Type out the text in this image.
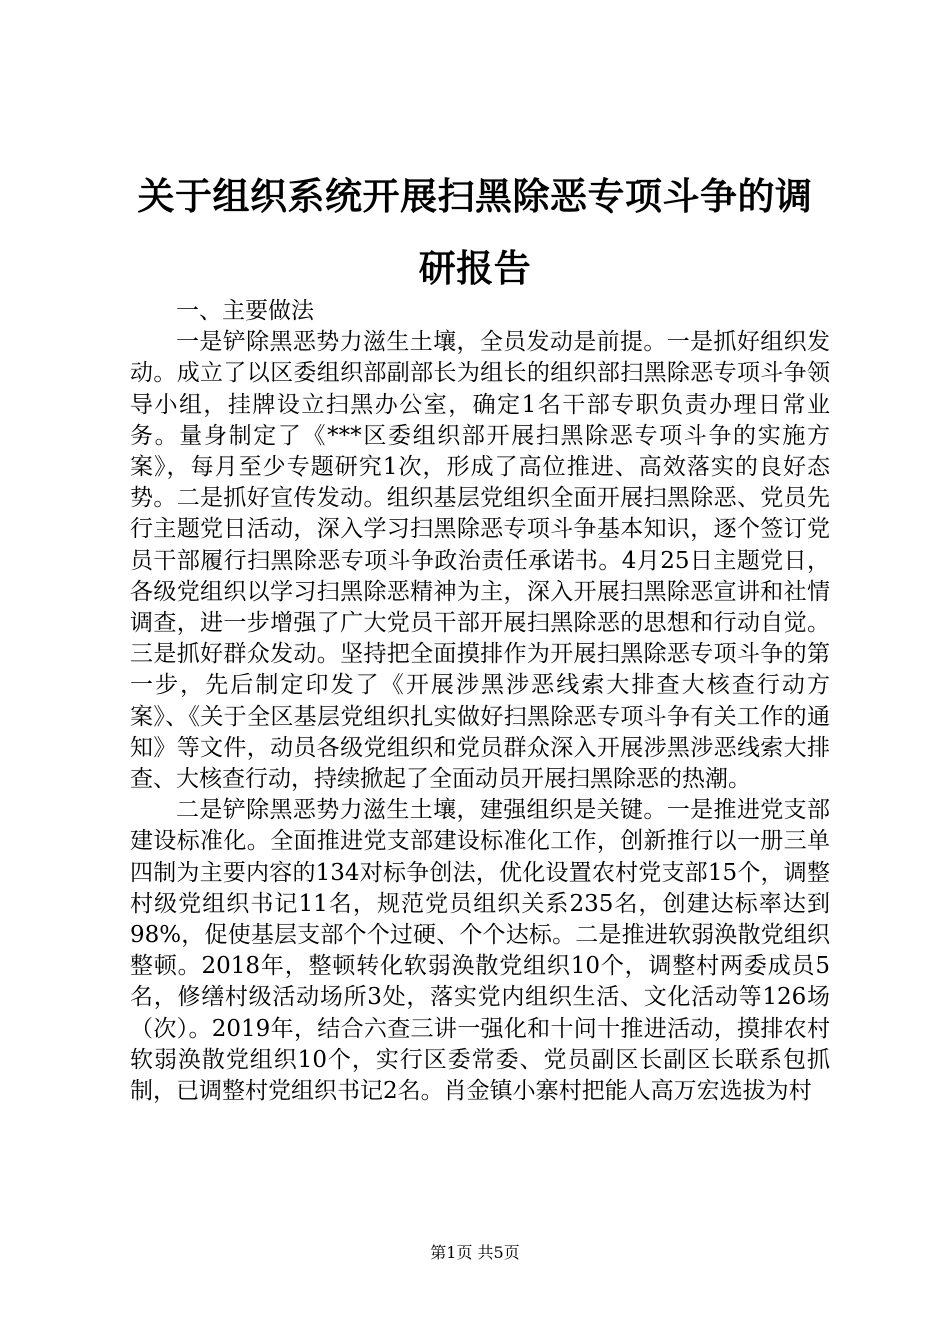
关于组织系统开展扫黑除恶专项斗争的调研报告

一、主要做法

一是铲除黑恶势力滋生土壤，全员发动是前提。一是抓好组织发动。成立了以区委组织部副部长为组长的组织部扫黑除恶专项斗争领导小组，挂牌设立扫黑办公室，确定1名干部专职负责办理日常业务。量身制定了《***区委组织部开展扫黑除恶专项斗争的实施方案》，每月至少专题研究1次，形成了高位推进、高效落实的良好态势。二是抓好宣传发动。组织基层党组织全面开展扫黑除恶、党员先行主题党日活动，深入学习扫黑除恶专项斗争基本知识，逐个签订党员干部履行扫黑除恶专项斗争政治责任承诺书。4月25日主题党日，各级党组织以学习扫黑除恶精神为主，深入开展扫黑除恶宣讲和社情调查，进一步增强了广大党员干部开展扫黑除恶的思想和行动自觉。三是抓好群众发动。坚持把全面摸排作为开展扫黑除恶专项斗争的第一步，先后制定印发了《开展涉黑涉恶线索大排查大核查行动方案》、《关于全区基层党组织扎实做好扫黑除恶专项斗争有关工作的通知》等文件，动员各级党组织和党员群众深入开展涉黑涉恶线索大排查、大核查行动，持续掀起了全面动员开展扫黑除恶的热潮。

二是铲除黑恶势力滋生土壤，建强组织是关键。一是推进党支部建设标准化。全面推进党支部建设标准化工作，创新推行以一册三单四制为主要内容的134对标争创法，优化设置农村党支部15个，调整村级党组织书记11名，规范党员组织关系235名，创建达标率达到98%，促使基层支部个个过硬、个个达标。二是推进软弱涣散党组织整顿。2018年，整顿转化软弱涣散党组织10个，调整村两委成员5名，修缮村级活动场所3处，落实党内组织生活、文化活动等126场（次）。2019年，结合六查三讲一强化和十问十推进活动，摸排农村软弱涣散党组织10个，实行区委常委、党员副区长副区长联系包抓制，已调整村党组织书记2名。肖金镇小寨村把能人高万宏选拔为村

第1页 共5页
